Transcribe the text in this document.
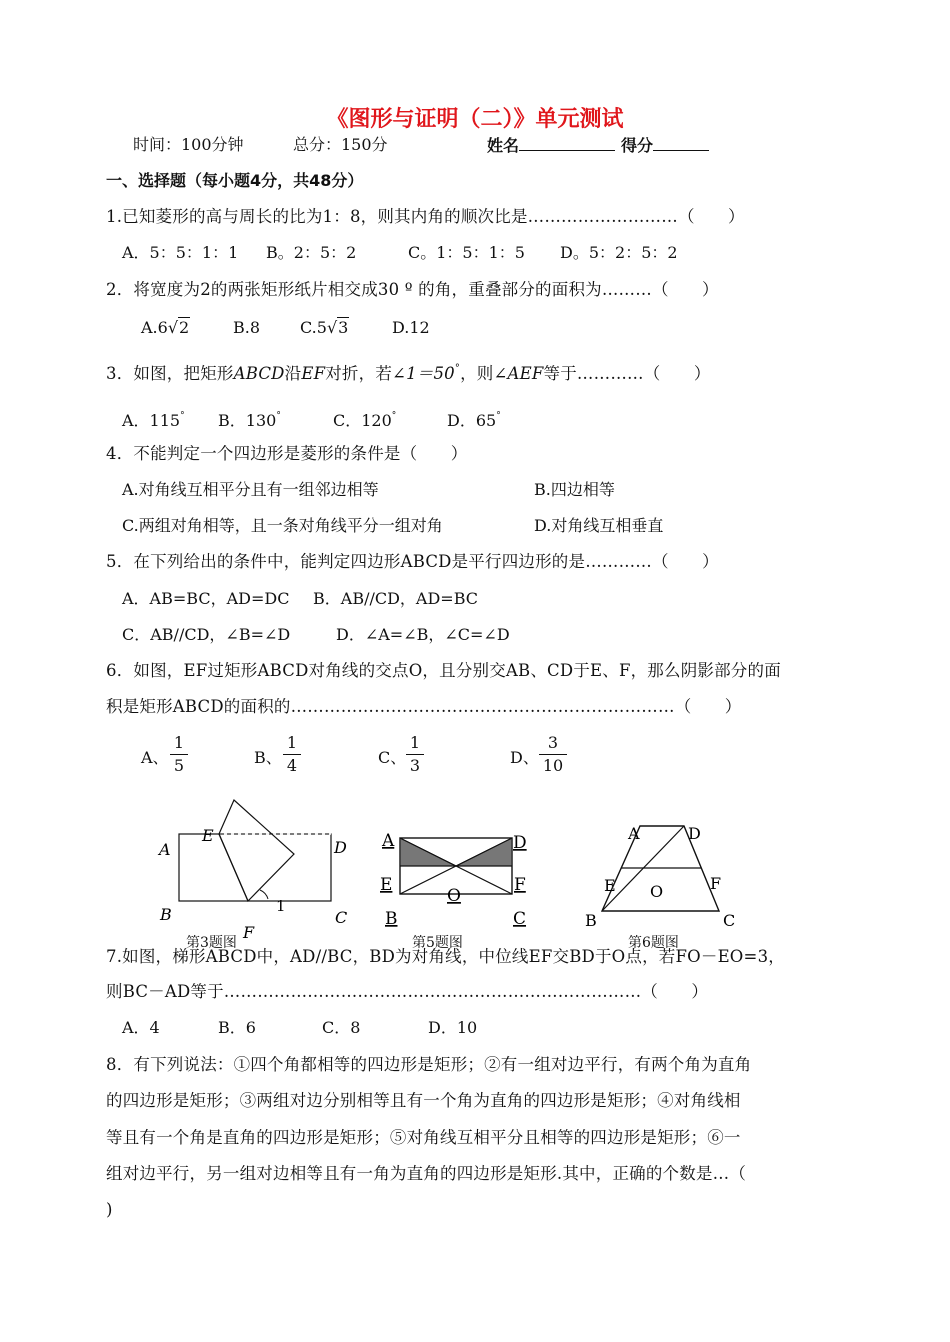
《图形与证明（二）》单元测试
时间：100分钟	总分：150分	姓名	得分
一、选择题（每小题4分，共48分）
1.已知菱形的高与周长的比为1：8，则其内角的顺次比是………………………（　　）
A．5：5：1：1 B。2：5：2	C。1：5：1：5 D。5：2：5：2
2．将宽度为2的两张矩形纸片相交成30 º 的角，重叠部分的面积为………（　　）
A.6√2	B.8 C.5√3	D.12
3．如图，把矩形ABCD沿EF对折，若∠1＝50°，则∠AEF等于…………（　　）
A．115° B．130°	C．120°	D．65°
4．不能判定一个四边形是菱形的条件是（　　）
A.对角线互相平分且有一组邻边相等	B.四边相等
C.两组对角相等，且一条对角线平分一组对角	D.对角线互相垂直
5．在下列给出的条件中，能判定四边形ABCD是平行四边形的是…………（　　）
A．AB=BC，AD=DC B．AB//CD，AD=BC
C．AB//CD，∠B=∠D	D．∠A=∠B，∠C=∠D
6．如图，EF过矩形ABCD对角线的交点O，且分别交AB、CD于E、F，那么阴影部分的面
积是矩形ABCD的面积的……………………………………………………………（　　）
A、
1
5	B、
1
4	C、
1
3	D、
3
10
A
B	C
D
E
F
1
第3题图
A
B	C
D
E	F
O
第5题图
A
B	C
D
E	F
O
第6题图
7.如图，梯形ABCD中，AD//BC，BD为对角线，中位线EF交BD于O点，若FO－EO=3，
则BC－AD等于…………………………………………………………………（　　）
A．4	B．6	C．8	D．10
8．有下列说法：①四个角都相等的四边形是矩形；②有一组对边平行，有两个角为直角
的四边形是矩形；③两组对边分别相等且有一个角为直角的四边形是矩形；④对角线相
等且有一个角是直角的四边形是矩形；⑤对角线互相平分且相等的四边形是矩形；⑥一
组对边平行，另一组对边相等且有一角为直角的四边形是矩形.其中，正确的个数是…（
)
